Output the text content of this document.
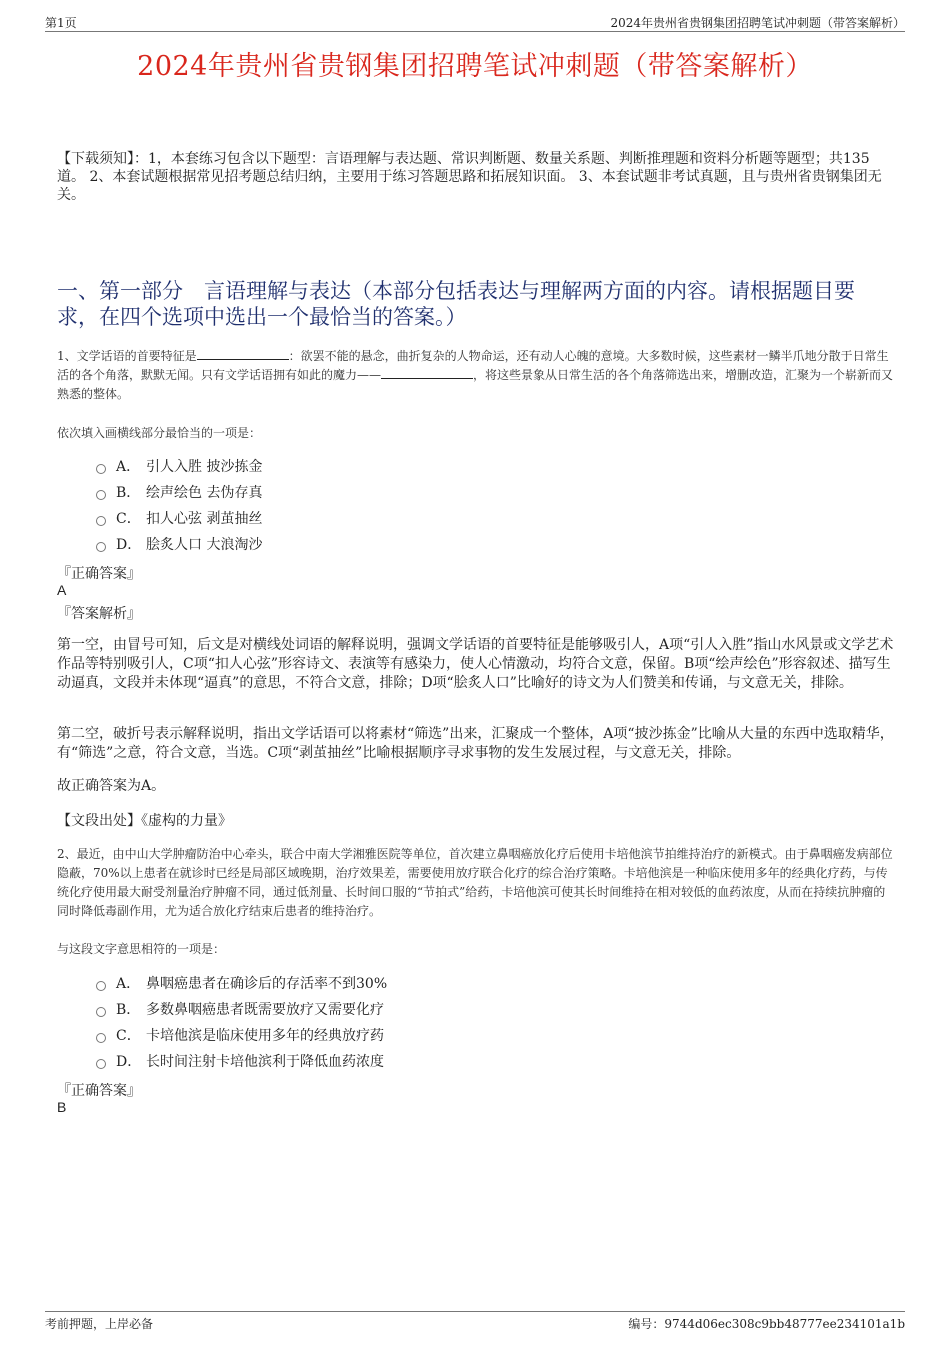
第1页	2024年贵州省贵钢集团招聘笔试冲刺题（带答案解析）
2024年贵州省贵钢集团招聘笔试冲刺题（带答案解析）
【下载须知】：1，本套练习包含以下题型：言语理解与表达题、常识判断题、数量关系题、判断推理题和资料分析题等题型；共135道。 2、本套试题根据常见招考题总结归纳，主要用于练习答题思路和拓展知识面。 3、本套试题非考试真题，且与贵州省贵钢集团无关。
一、第一部分　言语理解与表达（本部分包括表达与理解两方面的内容。请根据题目要求，在四个选项中选出一个最恰当的答案。）
1、文学话语的首要特征是	：欲罢不能的悬念，曲折复杂的人物命运，还有动人心魄的意境。大多数时候，这些素材一鳞半爪地分散于日常生活的各个角落，默默无闻。只有文学话语拥有如此的魔力——	，将这些景象从日常生活的各个角落筛选出来，增删改造，汇聚为一个崭新而又熟悉的整体。
依次填入画横线部分最恰当的一项是：
A． 引人入胜 披沙拣金
B． 绘声绘色 去伪存真
C． 扣人心弦 剥茧抽丝
D． 脍炙人口 大浪淘沙
『正确答案』
A
『答案解析』
第一空，由冒号可知，后文是对横线处词语的解释说明，强调文学话语的首要特征是能够吸引人，A项“引人入胜”指山水风景或文学艺术作品等特别吸引人，C项“扣人心弦”形容诗文、表演等有感染力，使人心情激动，均符合文意，保留。B项“绘声绘色”形容叙述、描写生动逼真，文段并未体现“逼真”的意思，不符合文意，排除；D项“脍炙人口”比喻好的诗文为人们赞美和传诵，与文意无关，排除。
第二空，破折号表示解释说明，指出文学话语可以将素材“筛选”出来，汇聚成一个整体，A项“披沙拣金”比喻从大量的东西中选取精华，有“筛选”之意，符合文意，当选。C项“剥茧抽丝”比喻根据顺序寻求事物的发生发展过程，与文意无关，排除。
故正确答案为A。
【文段出处】《虚构的力量》
2、最近，由中山大学肿瘤防治中心牵头，联合中南大学湘雅医院等单位，首次建立鼻咽癌放化疗后使用卡培他滨节拍维持治疗的新模式。由于鼻咽癌发病部位隐蔽，70%以上患者在就诊时已经是局部区域晚期，治疗效果差，需要使用放疗联合化疗的综合治疗策略。卡培他滨是一种临床使用多年的经典化疗药，与传统化疗使用最大耐受剂量治疗肿瘤不同，通过低剂量、长时间口服的“节拍式”给药，卡培他滨可使其长时间维持在相对较低的血药浓度，从而在持续抗肿瘤的同时降低毒副作用，尤为适合放化疗结束后患者的维持治疗。
与这段文字意思相符的一项是：
A． 鼻咽癌患者在确诊后的存活率不到30%
B． 多数鼻咽癌患者既需要放疗又需要化疗
C． 卡培他滨是临床使用多年的经典放疗药
D． 长时间注射卡培他滨利于降低血药浓度
『正确答案』
B
考前押题，上岸必备	编号：9744d06ec308c9bb48777ee234101a1b
